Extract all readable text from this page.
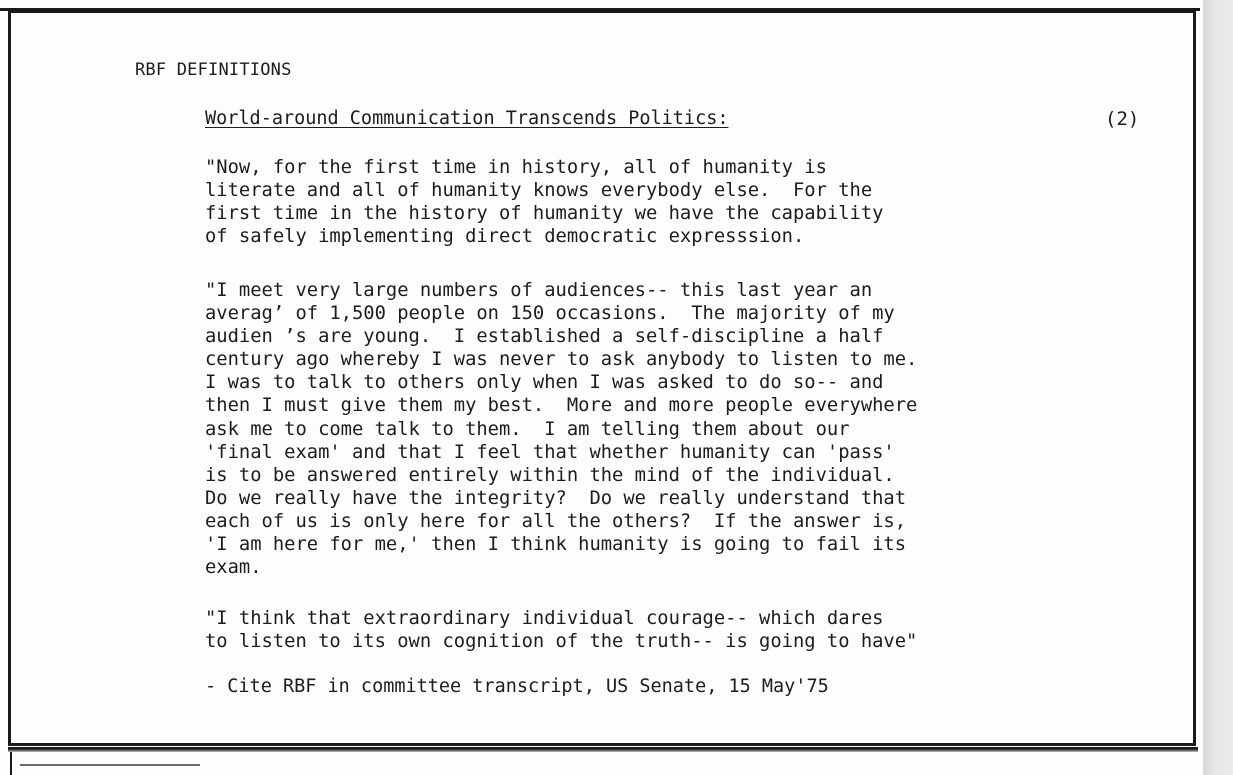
RBF DEFINITIONS
World-around Communication Transcends Politics:	(2)
"Now, for the first time in history, all of humanity is
literate and all of humanity knows everybody else.  For the
first time in the history of humanity we have the capability
of safely implementing direct democratic expresssion.
"I meet very large numbers of audiences-- this last year an
averag’ of 1,500 people on 150 occasions.  The majority of my
audien ’s are young.  I established a self-discipline a half
century ago whereby I was never to ask anybody to listen to me.
I was to talk to others only when I was asked to do so-- and
then I must give them my best.  More and more people everywhere
ask me to come talk to them.  I am telling them about our
'final exam' and that I feel that whether humanity can 'pass'
is to be answered entirely within the mind of the individual.
Do we really have the integrity?  Do we really understand that
each of us is only here for all the others?  If the answer is,
'I am here for me,' then I think humanity is going to fail its
exam.
"I think that extraordinary individual courage-- which dares
to listen to its own cognition of the truth-- is going to have"
- Cite RBF in committee transcript, US Senate, 15 May'75
